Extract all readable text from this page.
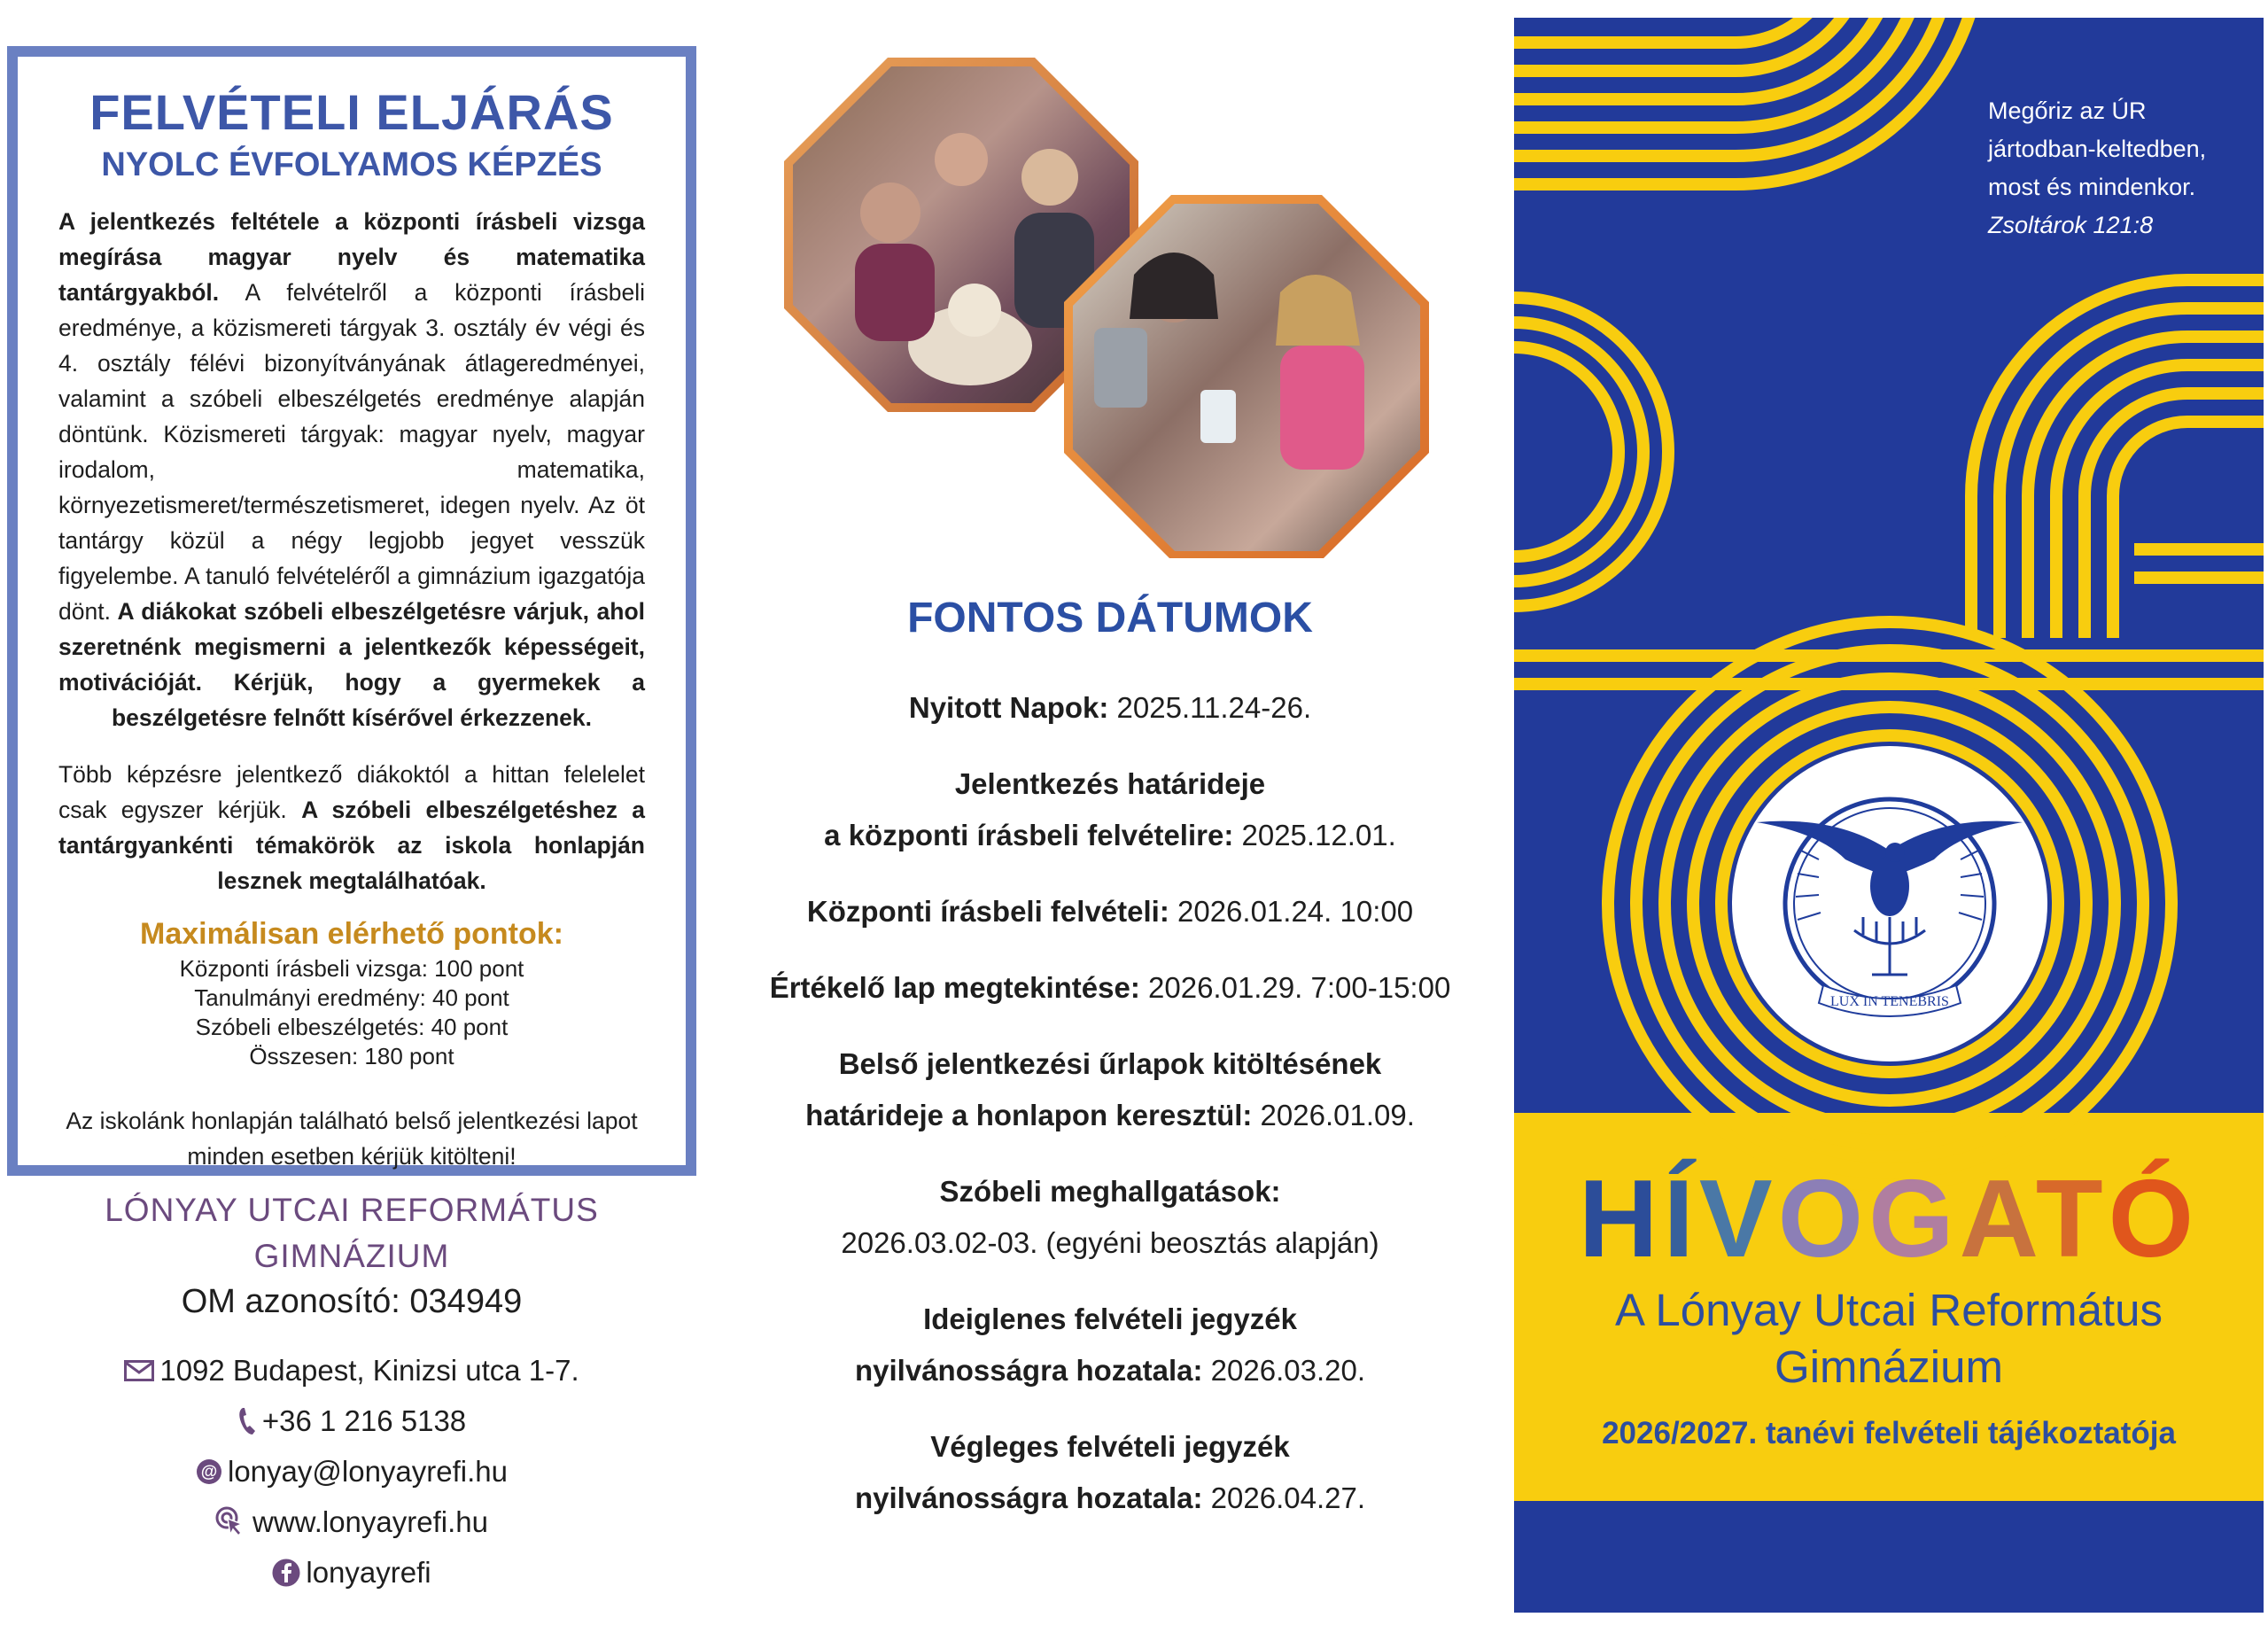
FELVÉTELI ELJÁRÁS
NYOLC ÉVFOLYAMOS KÉPZÉS

A jelentkezés feltétele a központi írásbeli vizsga megírása magyar nyelv és matematika tantárgyakból. A felvételről a központi írásbeli eredménye, a közismereti tárgyak 3. osztály év végi és 4. osztály félévi bizonyítványának átlageredményei, valamint a szóbeli elbeszélgetés eredménye alapján döntünk. Közismereti tárgyak: magyar nyelv, magyar irodalom, matematika, környezetismeret/természetismeret, idegen nyelv. Az öt tantárgy közül a négy legjobb jegyet vesszük figyelembe. A tanuló felvételéről a gimnázium igazgatója dönt. A diákokat szóbeli elbeszélgetésre várjuk, ahol szeretnénk megismerni a jelentkezők képességeit, motivációját. Kérjük, hogy a gyermekek a beszélgetésre felnőtt kísérővel érkezzenek.

Több képzésre jelentkező diákoktól a hittan felelelet csak egyszer kérjük. A szóbeli elbeszélgetéshez a tantárgyankénti témakörök az iskola honlapján lesznek megtalálhatóak.

Maximálisan elérhető pontok:
Központi írásbeli vizsga: 100 pont
Tanulmányi eredmény: 40 pont
Szóbeli elbeszélgetés: 40 pont
Összesen: 180 pont
Az iskolánk honlapján található belső jelentkezési lapot minden esetben kérjük kitölteni!
LÓNYAY UTCAI REFORMÁTUS
GIMNÁZIUM
OM azonosító: 034949
1092 Budapest, Kinizsi utca 1-7.
+36 1 216 5138
@ lonyay@lonyayrefi.hu
www.lonyayrefi.hu
lonyayrefi
FONTOS DÁTUMOK
Nyitott Napok: 2025.11.24-26.
Jelentkezés határideje
a központi írásbeli felvételire: 2025.12.01.
Központi írásbeli felvételi: 2026.01.24. 10:00
Értékelő lap megtekintése: 2026.01.29. 7:00-15:00
Belső jelentkezési űrlapok kitöltésének
határideje a honlapon keresztül: 2026.01.09.
Szóbeli meghallgatások:
2026.03.02-03. (egyéni beosztás alapján)
Ideiglenes felvételi jegyzék
nyilvánosságra hozatala: 2026.03.20.
Végleges felvételi jegyzék
nyilvánosságra hozatala: 2026.04.27.
LUX IN TENEBRIS
Megőriz az ÚR
jártodban-keltedben,
most és mindenkor.
Zsoltárok 121:8
HÍVOGATÓ
A Lónyay Utcai Református
Gimnázium
2026/2027. tanévi felvételi tájékoztatója
